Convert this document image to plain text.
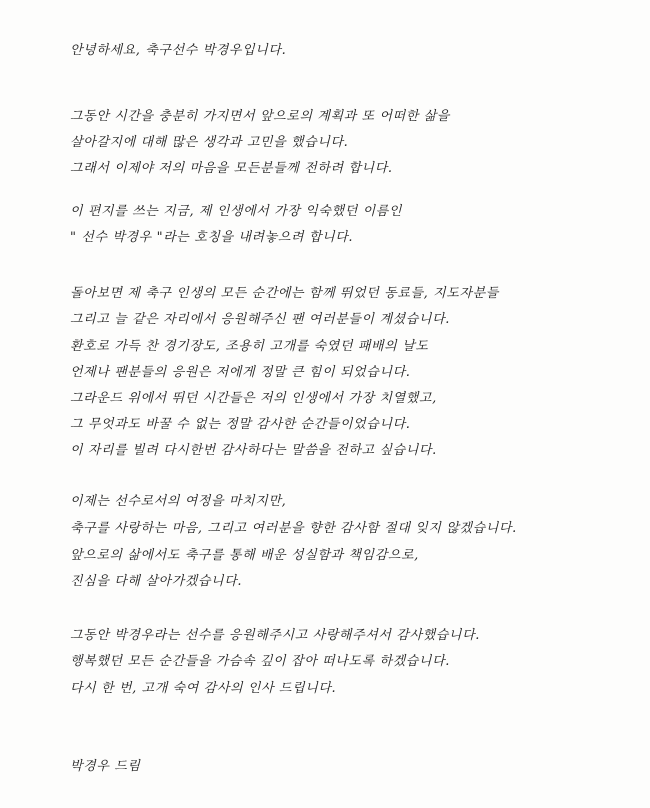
안녕하세요, 축구선수 박경우입니다.
그동안 시간을 충분히 가지면서 앞으로의 계획과 또 어떠한 삶을
살아갈지에 대해 많은 생각과 고민을 했습니다.
그래서 이제야 저의 마음을 모든분들께 전하려 합니다.
이 편지를 쓰는 지금, 제 인생에서 가장 익숙했던 이름인
" 선수 박경우 "라는 호칭을 내려놓으려 합니다.
돌아보면 제 축구 인생의 모든 순간에는 함께 뛰었던 동료들, 지도자분들
그리고 늘 같은 자리에서 응원해주신 팬 여러분들이 계셨습니다.
환호로 가득 찬 경기장도, 조용히 고개를 숙였던 패배의 날도
언제나 팬분들의 응원은 저에게 정말 큰 힘이 되었습니다.
그라운드 위에서 뛰던 시간들은 저의 인생에서 가장 치열했고,
그 무엇과도 바꿀 수 없는 정말 감사한 순간들이었습니다.
이 자리를 빌려 다시한번 감사하다는 말씀을 전하고 싶습니다.
이제는 선수로서의 여정을 마치지만,
축구를 사랑하는 마음, 그리고 여러분을 향한 감사함 절대 잊지 않겠습니다.
앞으로의 삶에서도 축구를 통해 배운 성실함과 책임감으로,
진심을 다해 살아가겠습니다.
그동안 박경우라는 선수를 응원해주시고 사랑해주셔서 감사했습니다.
행복했던 모든 순간들을 가슴속 깊이 잡아 떠나도록 하겠습니다.
다시 한 번, 고개 숙여 감사의 인사 드립니다.
박경우 드림
